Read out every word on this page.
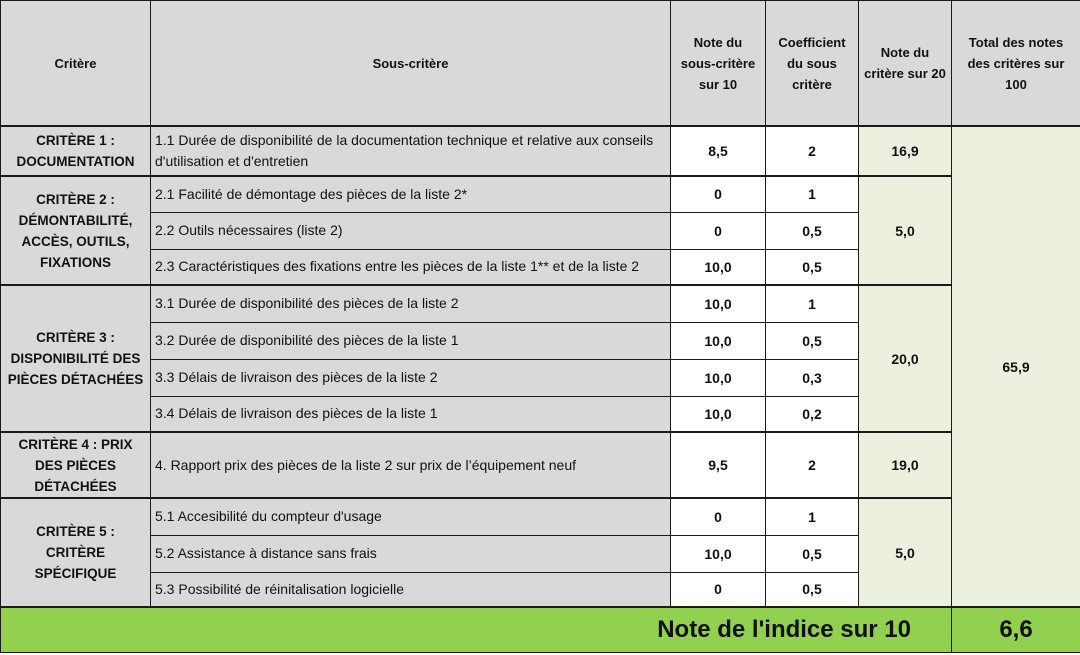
Critère	Sous-critère	Note du sous-critère sur 10	Coefficient du sous critère	Note du critère sur 20	Total des notes des critères sur 100
CRITÈRE 1 : DOCUMENTATION	1.1 Durée de disponibilité de la documentation technique et relative aux conseils d'utilisation et d'entretien	8,5	2	16,9	65,9
CRITÈRE 2 : DÉMONTABILITÉ, ACCÈS, OUTILS, FIXATIONS	2.1 Facilité de démontage des pièces de la liste 2*	0	1	5,0	
	2.2 Outils nécessaires (liste 2)	0	0,5		
	2.3 Caractéristiques des fixations entre les pièces de la liste 1** et de la liste 2	10,0	0,5		
CRITÈRE 3 : DISPONIBILITÉ DES PIÈCES DÉTACHÉES	3.1 Durée de disponibilité des pièces de la liste 2	10,0	1	20,0	
	3.2 Durée de disponibilité des pièces de la liste 1	10,0	0,5		
	3.3 Délais de livraison des pièces de la liste 2	10,0	0,3		
	3.4 Délais de livraison des pièces de la liste 1	10,0	0,2		
CRITÈRE 4 : PRIX DES PIÈCES DÉTACHÉES	4. Rapport prix des pièces de la liste 2 sur prix de l’équipement neuf	9,5	2	19,0	
CRITÈRE 5 : CRITÈRE SPÉCIFIQUE	5.1 Accesibilité du compteur d'usage	0	1	5,0	
	5.2 Assistance à distance sans frais	10,0	0,5		
	5.3 Possibilité de réinitalisation logicielle	0	0,5		
Note de l'indice sur 10					6,6
